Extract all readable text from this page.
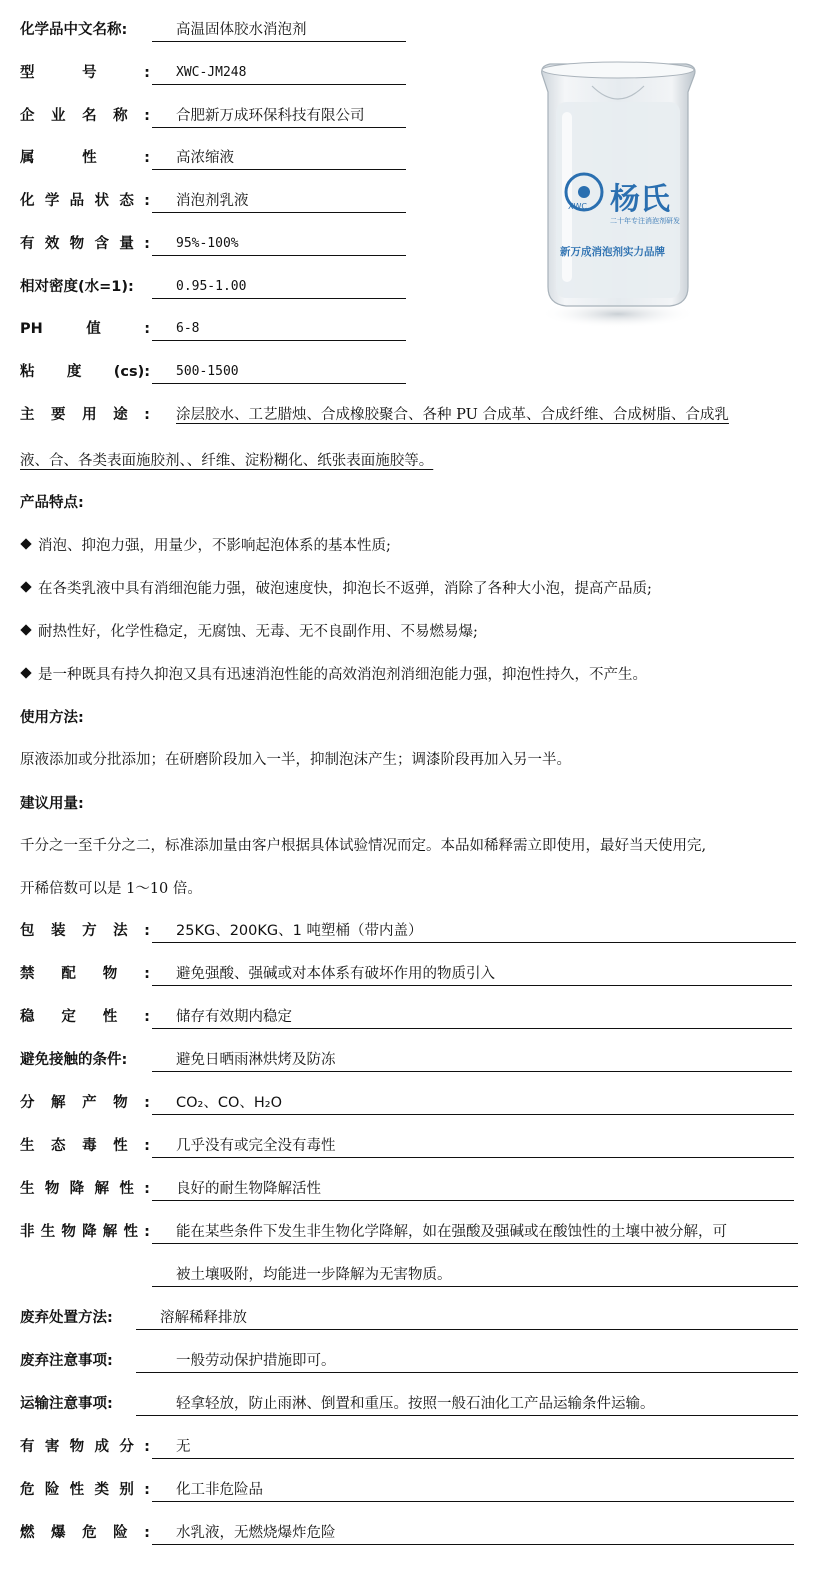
化学品中文名称:	高温固体胶水消泡剂
型号:	XWC-JM248
企业名称:	合肥新万成环保科技有限公司
属性:	高浓缩液
化学品状态:	消泡剂乳液
有效物含量:	95%-100%
相对密度(水=1):	0.95-1.00
PH值:	6-8
粘度(cs):	500-1500
XWC 杨氏
二十年专注消泡剂研发
新万成消泡剂实力品牌
主要用途:	涂层胶水、工艺腊烛、合成橡胶聚合、各种 PU 合成革、合成纤维、合成树脂、合成乳
液、合、各类表面施胶剂、、纤维、淀粉糊化、纸张表面施胶等。
产品特点:
消泡、抑泡力强，用量少，不影响起泡体系的基本性质;
在各类乳液中具有消细泡能力强，破泡速度快，抑泡长不返弹，消除了各种大小泡，提高产品质;
耐热性好，化学性稳定，无腐蚀、无毒、无不良副作用、不易燃易爆;
是一种既具有持久抑泡又具有迅速消泡性能的高效消泡剂消细泡能力强，抑泡性持久，不产生。
使用方法:
原液添加或分批添加；在研磨阶段加入一半，抑制泡沫产生；调漆阶段再加入另一半。
建议用量:
千分之一至千分之二，标准添加量由客户根据具体试验情况而定。本品如稀释需立即使用，最好当天使用完,
开稀倍数可以是 1～10 倍。
包装方法:	25KG、200KG、1 吨塑桶（带内盖）
禁配物:	避免强酸、强碱或对本体系有破坏作用的物质引入
稳定性:	储存有效期内稳定
避免接触的条件:	避免日晒雨淋烘烤及防冻
分解产物:	CO₂、CO、H₂O
生态毒性:	几乎没有或完全没有毒性
生物降解性:	良好的耐生物降解活性
非生物降解性:	能在某些条件下发生非生物化学降解，如在强酸及强碱或在酸蚀性的土壤中被分解，可
被土壤吸附，均能进一步降解为无害物质。
废弃处置方法:	溶解稀释排放
废弃注意事项:	一般劳动保护措施即可。
运输注意事项:	轻拿轻放，防止雨淋、倒置和重压。按照一般石油化工产品运输条件运输。
有害物成分:	无
危险性类别:	化工非危险品
燃爆危险:	水乳液，无燃烧爆炸危险
